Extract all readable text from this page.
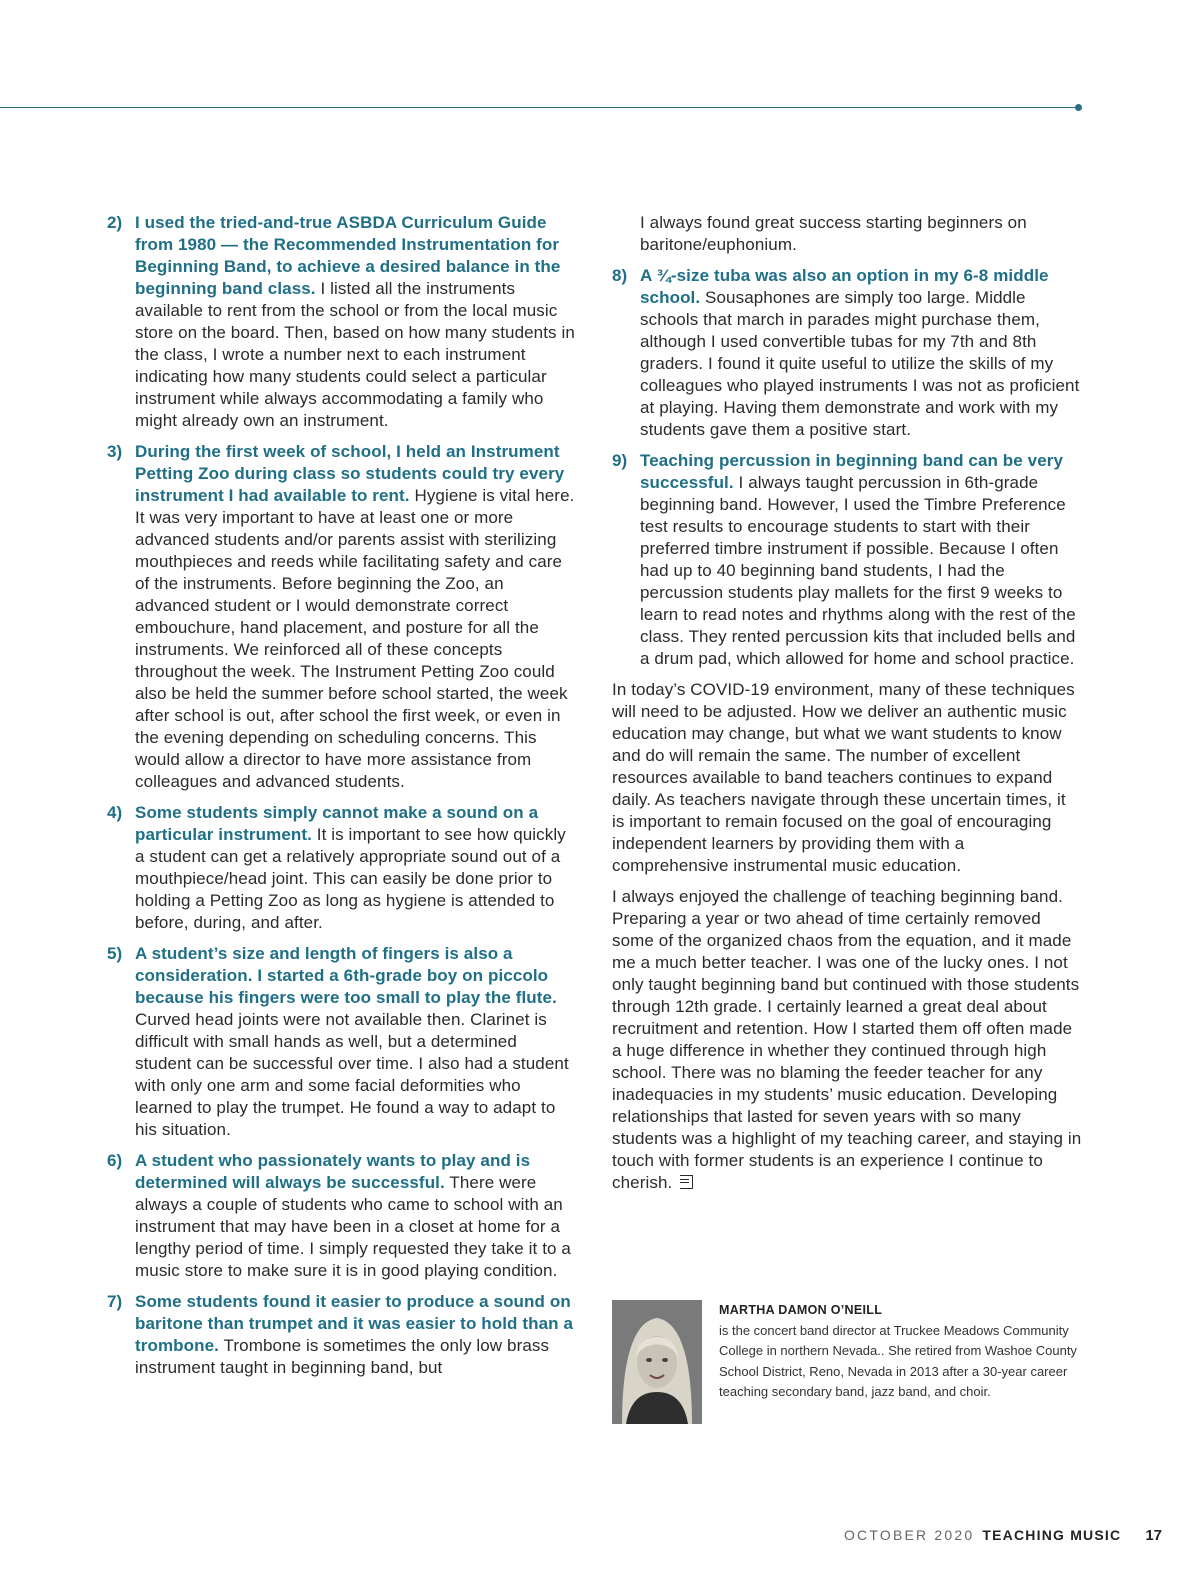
2) I used the tried-and-true ASBDA Curriculum Guide from 1980 — the Recommended Instrumentation for Beginning Band, to achieve a desired balance in the beginning band class. I listed all the instruments available to rent from the school or from the local music store on the board. Then, based on how many students in the class, I wrote a number next to each instrument indicating how many students could select a particular instrument while always accommodating a family who might already own an instrument.
3) During the first week of school, I held an Instrument Petting Zoo during class so students could try every instrument I had available to rent. Hygiene is vital here. It was very important to have at least one or more advanced students and/or parents assist with sterilizing mouthpieces and reeds while facilitating safety and care of the instruments. Before beginning the Zoo, an advanced student or I would demonstrate correct embouchure, hand placement, and posture for all the instruments. We reinforced all of these concepts throughout the week. The Instrument Petting Zoo could also be held the summer before school started, the week after school is out, after school the first week, or even in the evening depending on scheduling concerns. This would allow a director to have more assistance from colleagues and advanced students.
4) Some students simply cannot make a sound on a particular instrument. It is important to see how quickly a student can get a relatively appropriate sound out of a mouthpiece/head joint. This can easily be done prior to holding a Petting Zoo as long as hygiene is attended to before, during, and after.
5) A student’s size and length of fingers is also a consideration. I started a 6th-grade boy on piccolo because his fingers were too small to play the flute. Curved head joints were not available then. Clarinet is difficult with small hands as well, but a determined student can be successful over time. I also had a student with only one arm and some facial deformities who learned to play the trumpet. He found a way to adapt to his situation.
6) A student who passionately wants to play and is determined will always be successful. There were always a couple of students who came to school with an instrument that may have been in a closet at home for a lengthy period of time. I simply requested they take it to a music store to make sure it is in good playing condition.
7) Some students found it easier to produce a sound on baritone than trumpet and it was easier to hold than a trombone. Trombone is sometimes the only low brass instrument taught in beginning band, but
I always found great success starting beginners on baritone/euphonium.
8) A ¾-size tuba was also an option in my 6-8 middle school. Sousaphones are simply too large. Middle schools that march in parades might purchase them, although I used convertible tubas for my 7th and 8th graders. I found it quite useful to utilize the skills of my colleagues who played instruments I was not as proficient at playing. Having them demonstrate and work with my students gave them a positive start.
9) Teaching percussion in beginning band can be very successful. I always taught percussion in 6th-grade beginning band. However, I used the Timbre Preference test results to encourage students to start with their preferred timbre instrument if possible. Because I often had up to 40 beginning band students, I had the percussion students play mallets for the first 9 weeks to learn to read notes and rhythms along with the rest of the class. They rented percussion kits that included bells and a drum pad, which allowed for home and school practice.

In today’s COVID-19 environment, many of these techniques will need to be adjusted. How we deliver an authentic music education may change, but what we want students to know and do will remain the same. The number of excellent resources available to band teachers continues to expand daily. As teachers navigate through these uncertain times, it is important to remain focused on the goal of encouraging independent learners by providing them with a comprehensive instrumental music education.

I always enjoyed the challenge of teaching beginning band. Preparing a year or two ahead of time certainly removed some of the organized chaos from the equation, and it made me a much better teacher. I was one of the lucky ones. I not only taught beginning band but continued with those students through 12th grade. I certainly learned a great deal about recruitment and retention. How I started them off often made a huge difference in whether they continued through high school. There was no blaming the feeder teacher for any inadequacies in my students’ music education. Developing relationships that lasted for seven years with so many students was a highlight of my teaching career, and staying in touch with former students is an experience I continue to cherish.

MARTHA DAMON O’NEILL
is the concert band director at Truckee Meadows Community College in northern Nevada.. She retired from Washoe County School District, Reno, Nevada in 2013 after a 30-year career teaching secondary band, jazz band, and choir.
OCTOBER 2020 TEACHING MUSIC 17
